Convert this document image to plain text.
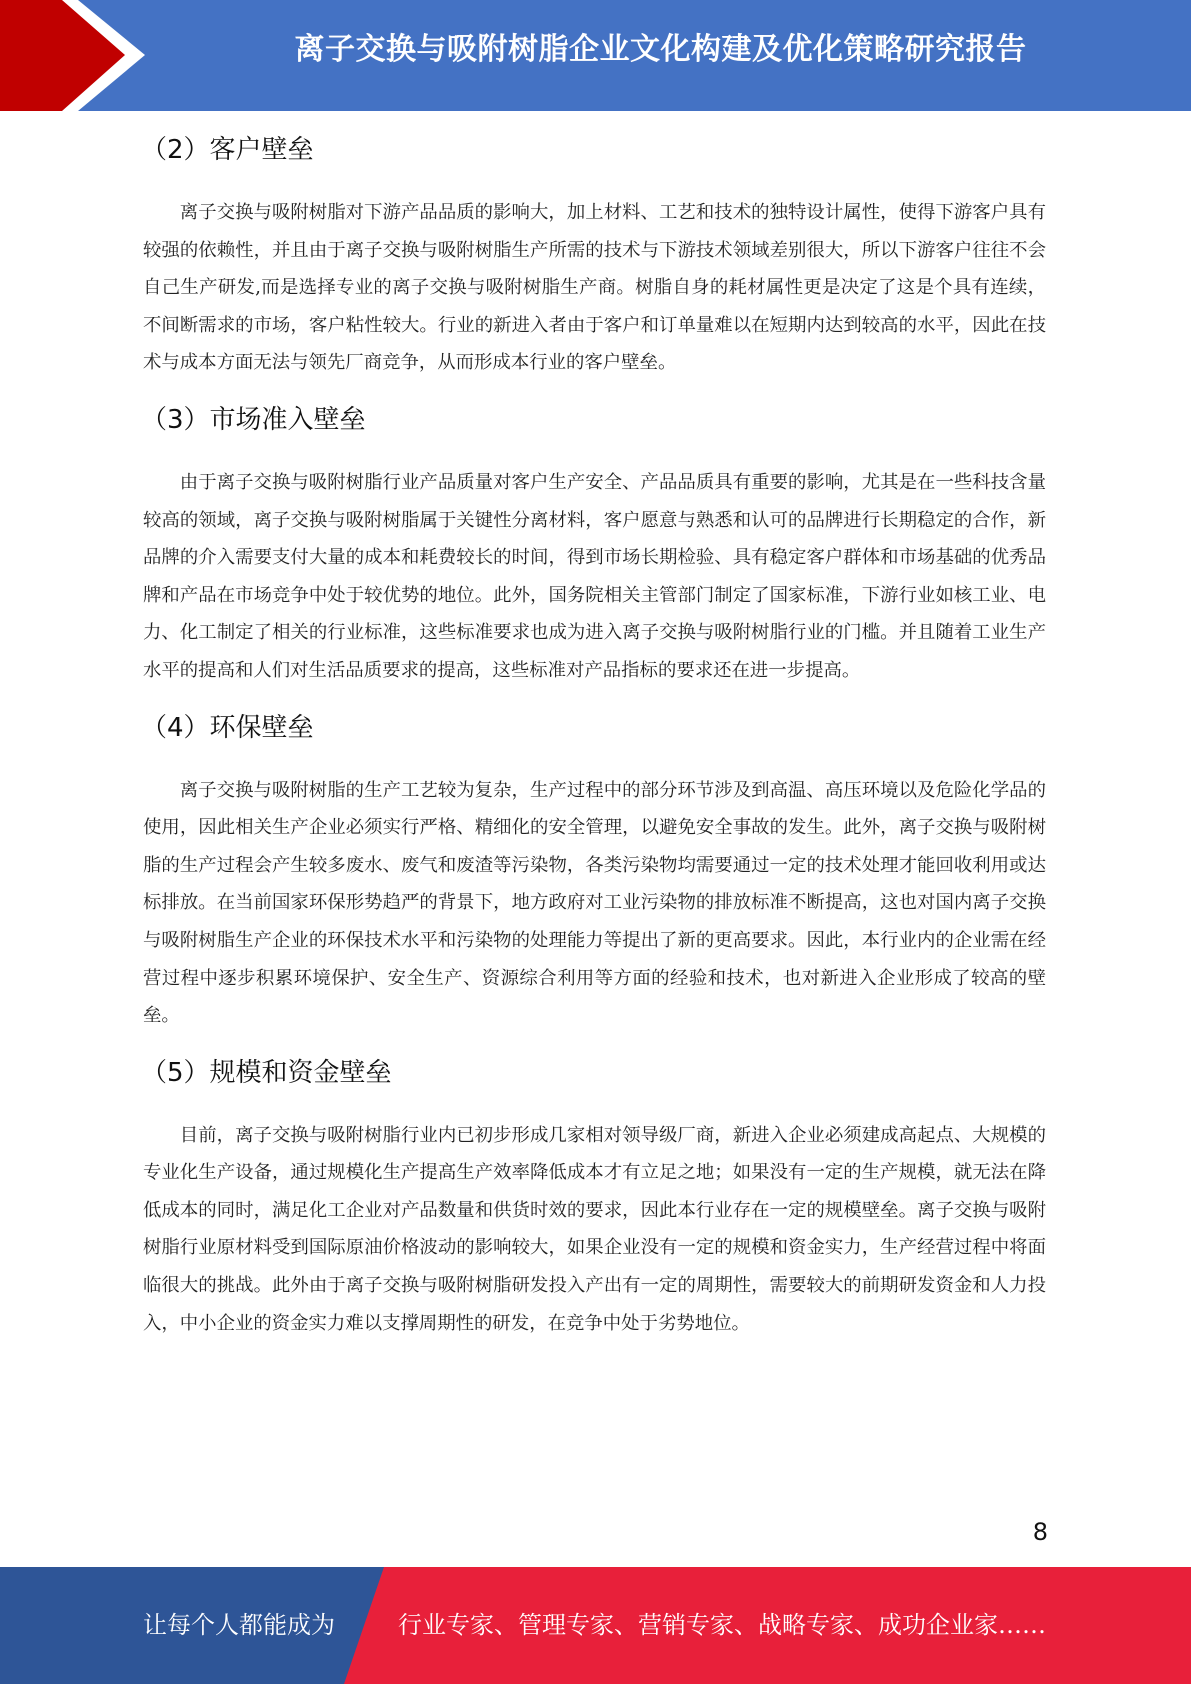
离子交换与吸附树脂企业文化构建及优化策略研究报告
（2）客户壁垒

离子交换与吸附树脂对下游产品品质的影响大，加上材料、工艺和技术的独特设计属性，使得下游客户具有较强的依赖性，并且由于离子交换与吸附树脂生产所需的技术与下游技术领域差别很大，所以下游客户往往不会自己生产研发,而是选择专业的离子交换与吸附树脂生产商。树脂自身的耗材属性更是决定了这是个具有连续，不间断需求的市场，客户粘性较大。行业的新进入者由于客户和订单量难以在短期内达到较高的水平，因此在技术与成本方面无法与领先厂商竞争，从而形成本行业的客户壁垒。

（3）市场准入壁垒

由于离子交换与吸附树脂行业产品质量对客户生产安全、产品品质具有重要的影响，尤其是在一些科技含量较高的领域，离子交换与吸附树脂属于关键性分离材料，客户愿意与熟悉和认可的品牌进行长期稳定的合作，新品牌的介入需要支付大量的成本和耗费较长的时间，得到市场长期检验、具有稳定客户群体和市场基础的优秀品牌和产品在市场竞争中处于较优势的地位。此外，国务院相关主管部门制定了国家标准，下游行业如核工业、电力、化工制定了相关的行业标准，这些标准要求也成为进入离子交换与吸附树脂行业的门槛。并且随着工业生产水平的提高和人们对生活品质要求的提高，这些标准对产品指标的要求还在进一步提高。

（4）环保壁垒

离子交换与吸附树脂的生产工艺较为复杂，生产过程中的部分环节涉及到高温、高压环境以及危险化学品的使用，因此相关生产企业必须实行严格、精细化的安全管理，以避免安全事故的发生。此外，离子交换与吸附树脂的生产过程会产生较多废水、废气和废渣等污染物，各类污染物均需要通过一定的技术处理才能回收利用或达标排放。在当前国家环保形势趋严的背景下，地方政府对工业污染物的排放标准不断提高，这也对国内离子交换与吸附树脂生产企业的环保技术水平和污染物的处理能力等提出了新的更高要求。因此，本行业内的企业需在经营过程中逐步积累环境保护、安全生产、资源综合利用等方面的经验和技术，也对新进入企业形成了较高的壁垒。

（5）规模和资金壁垒

目前，离子交换与吸附树脂行业内已初步形成几家相对领导级厂商，新进入企业必须建成高起点、大规模的专业化生产设备，通过规模化生产提高生产效率降低成本才有立足之地；如果没有一定的生产规模，就无法在降低成本的同时，满足化工企业对产品数量和供货时效的要求，因此本行业存在一定的规模壁垒。离子交换与吸附树脂行业原材料受到国际原油价格波动的影响较大，如果企业没有一定的规模和资金实力，生产经营过程中将面临很大的挑战。此外由于离子交换与吸附树脂研发投入产出有一定的周期性，需要较大的前期研发资金和人力投入，中小企业的资金实力难以支撑周期性的研发，在竞争中处于劣势地位。

8
让每个人都能成为	行业专家、管理专家、营销专家、战略专家、成功企业家……
